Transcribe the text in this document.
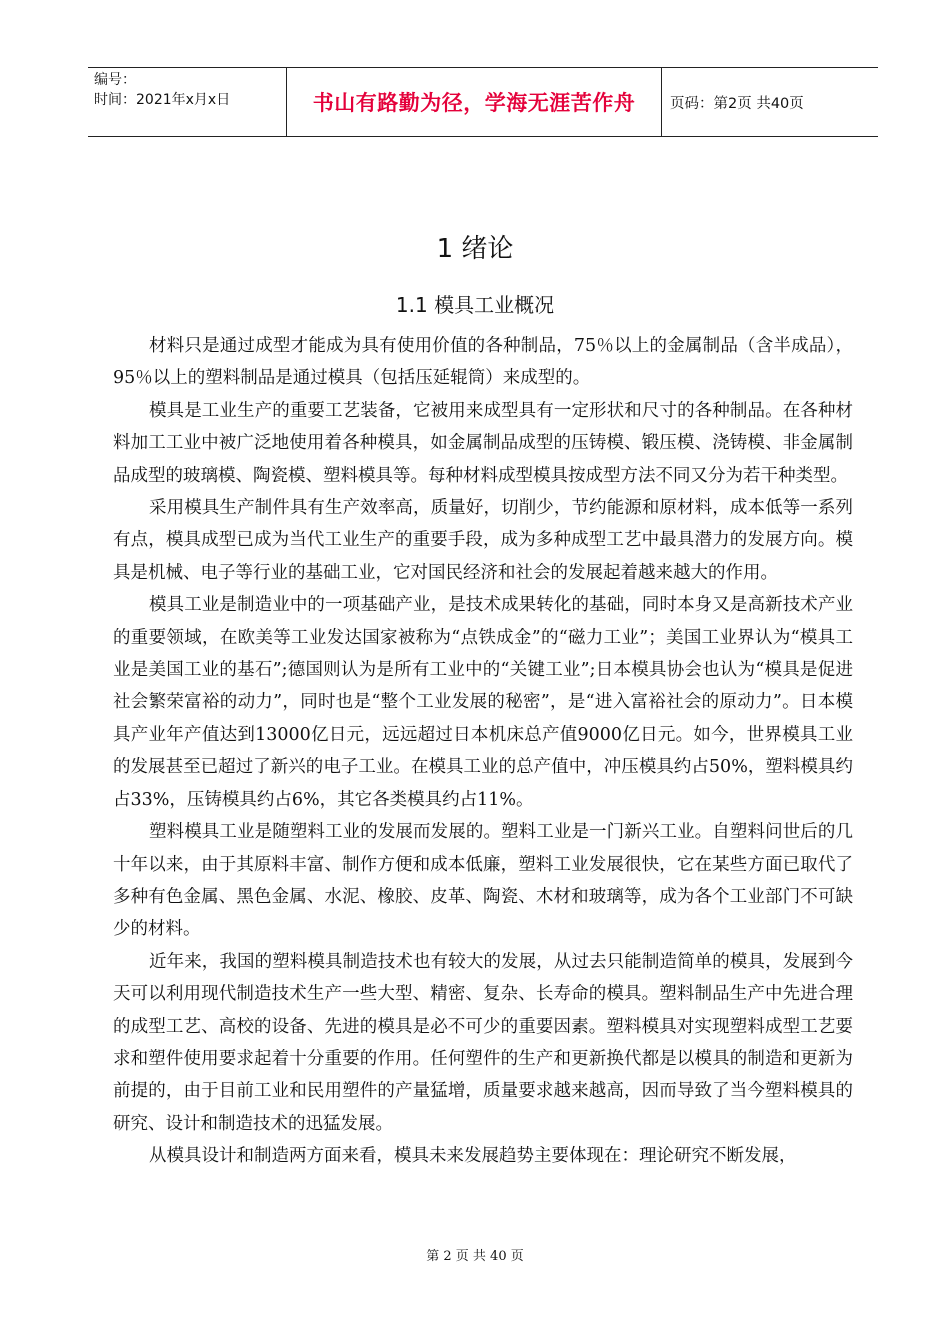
编号：
时间：2021年x月x日	书山有路勤为径，学海无涯苦作舟 页码：第2页 共40页
1 绪论
1.1 模具工业概况

材料只是通过成型才能成为具有使用价值的各种制品，75％以上的金属制品（含半成品），95％以上的塑料制品是通过模具（包括压延辊筒）来成型的。

模具是工业生产的重要工艺装备，它被用来成型具有一定形状和尺寸的各种制品。在各种材料加工工业中被广泛地使用着各种模具，如金属制品成型的压铸模、锻压模、浇铸模、非金属制品成型的玻璃模、陶瓷模、塑料模具等。每种材料成型模具按成型方法不同又分为若干种类型。

采用模具生产制件具有生产效率高，质量好，切削少，节约能源和原材料，成本低等一系列有点，模具成型已成为当代工业生产的重要手段，成为多种成型工艺中最具潜力的发展方向。模具是机械、电子等行业的基础工业，它对国民经济和社会的发展起着越来越大的作用。

模具工业是制造业中的一项基础产业，是技术成果转化的基础，同时本身又是高新技术产业的重要领域，在欧美等工业发达国家被称为“点铁成金”的“磁力工业”；美国工业界认为“模具工业是美国工业的基石”;德国则认为是所有工业中的“关键工业”;日本模具协会也认为“模具是促进社会繁荣富裕的动力”，同时也是“整个工业发展的秘密”，是“进入富裕社会的原动力”。日本模具产业年产值达到13000亿日元，远远超过日本机床总产值9000亿日元。如今，世界模具工业的发展甚至已超过了新兴的电子工业。在模具工业的总产值中，冲压模具约占50%，塑料模具约占33%，压铸模具约占6%，其它各类模具约占11%。

塑料模具工业是随塑料工业的发展而发展的。塑料工业是一门新兴工业。自塑料问世后的几十年以来，由于其原料丰富、制作方便和成本低廉，塑料工业发展很快，它在某些方面已取代了多种有色金属、黑色金属、水泥、橡胶、皮革、陶瓷、木材和玻璃等，成为各个工业部门不可缺少的材料。

近年来，我国的塑料模具制造技术也有较大的发展，从过去只能制造简单的模具，发展到今天可以利用现代制造技术生产一些大型、精密、复杂、长寿命的模具。塑料制品生产中先进合理的成型工艺、高校的设备、先进的模具是必不可少的重要因素。塑料模具对实现塑料成型工艺要求和塑件使用要求起着十分重要的作用。任何塑件的生产和更新换代都是以模具的制造和更新为前提的，由于目前工业和民用塑件的产量猛增，质量要求越来越高，因而导致了当今塑料模具的研究、设计和制造技术的迅猛发展。

从模具设计和制造两方面来看，模具未来发展趋势主要体现在：理论研究不断发展，

第 2 页 共 40 页
